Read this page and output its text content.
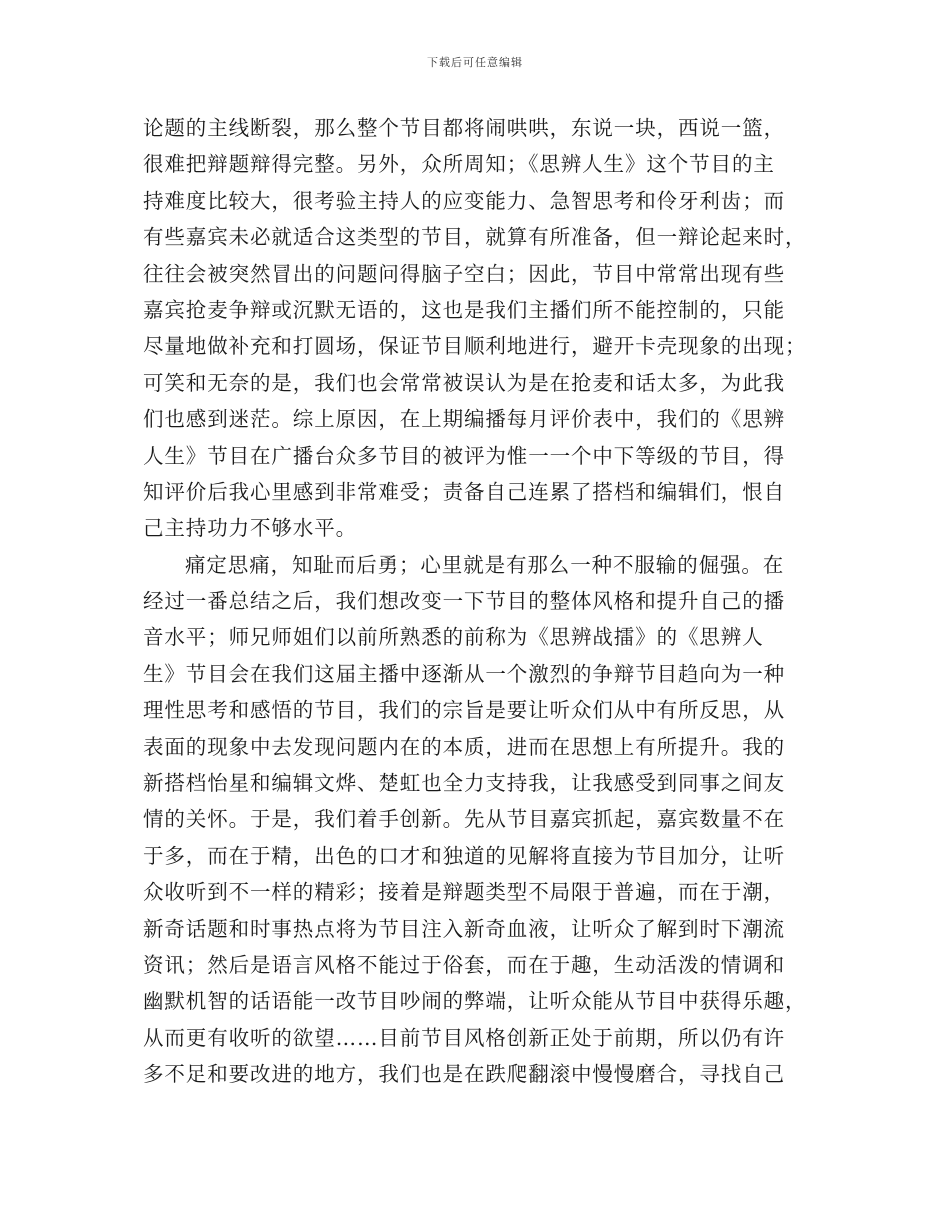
下载后可任意编辑
论题的主线断裂，那么整个节目都将闹哄哄，东说一块，西说一篮，
很难把辩题辩得完整。另外，众所周知；《思辨人生》这个节目的主
持难度比较大，很考验主持人的应变能力、急智思考和伶牙利齿；而
有些嘉宾未必就适合这类型的节目，就算有所准备，但一辩论起来时，
往往会被突然冒出的问题问得脑子空白；因此，节目中常常出现有些
嘉宾抢麦争辩或沉默无语的，这也是我们主播们所不能控制的，只能
尽量地做补充和打圆场，保证节目顺利地进行，避开卡壳现象的出现；
可笑和无奈的是，我们也会常常被误认为是在抢麦和话太多，为此我
们也感到迷茫。综上原因，在上期编播每月评价表中，我们的《思辨
人生》节目在广播台众多节目的被评为惟一一个中下等级的节目，得
知评价后我心里感到非常难受；责备自己连累了搭档和编辑们，恨自
己主持功力不够水平。
痛定思痛，知耻而后勇；心里就是有那么一种不服输的倔强。在
经过一番总结之后，我们想改变一下节目的整体风格和提升自己的播
音水平；师兄师姐们以前所熟悉的前称为《思辨战擂》的《思辨人
生》节目会在我们这届主播中逐渐从一个激烈的争辩节目趋向为一种
理性思考和感悟的节目，我们的宗旨是要让听众们从中有所反思，从
表面的现象中去发现问题内在的本质，进而在思想上有所提升。我的
新搭档怡星和编辑文烨、楚虹也全力支持我，让我感受到同事之间友
情的关怀。于是，我们着手创新。先从节目嘉宾抓起，嘉宾数量不在
于多，而在于精，出色的口才和独道的见解将直接为节目加分，让听
众收听到不一样的精彩；接着是辩题类型不局限于普遍，而在于潮，
新奇话题和时事热点将为节目注入新奇血液，让听众了解到时下潮流
资讯；然后是语言风格不能过于俗套，而在于趣，生动活泼的情调和
幽默机智的话语能一改节目吵闹的弊端，让听众能从节目中获得乐趣，
从而更有收听的欲望……目前节目风格创新正处于前期，所以仍有许
多不足和要改进的地方，我们也是在跌爬翻滚中慢慢磨合，寻找自己
